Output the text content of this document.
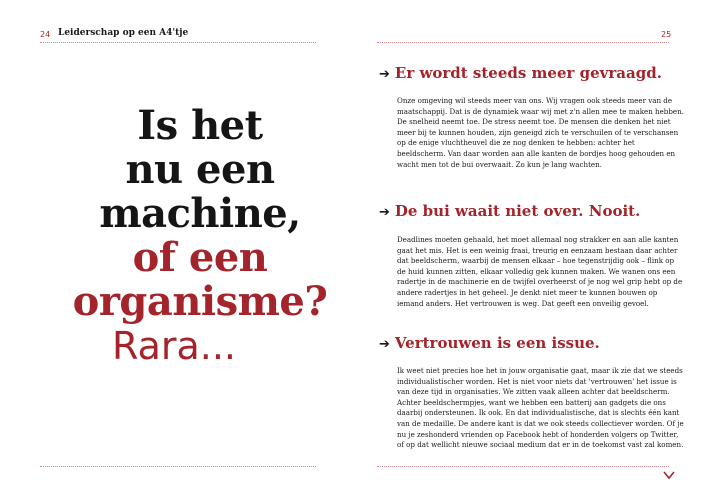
24 Leiderschap op een A4'tje
Is het
nu een
machine,
of een
organisme?
Rara...
25
➔ Er wordt steeds meer gevraagd.

Onze omgeving wil steeds meer van ons. Wij vragen ook steeds meer van de maatschappij. Dat is de dynamiek waar wij met z'n allen mee te maken hebben. De snelheid neemt toe. De stress neemt toe. De mensen die denken het niet meer bij te kunnen houden, zijn geneigd zich te verschuilen of te verschansen op de enige vluchtheuvel die ze nog denken te hebben: achter het beeldscherm. Van daar worden aan alle kanten de bordjes hoog gehouden en wacht men tot de bui overwaait. Zo kun je lang wachten.

➔ De bui waait niet over. Nooit.

Deadlines moeten gehaald, het moet allemaal nog strakker en aan alle kanten gaat het mis. Het is een weinig fraai, treurig en eenzaam bestaan daar achter dat beeldscherm, waarbij de mensen elkaar – hoe tegenstrijdig ook – flink op de huid kunnen zitten, elkaar volledig gek kunnen maken. We wanen ons een radertje in de machinerie en de twijfel overheerst of je nog wel grip hebt op de andere radertjes in het geheel. Je denkt niet meer te kunnen bouwen op iemand anders. Het vertrouwen is weg. Dat geeft een onveilig gevoel.

➔ Vertrouwen is een issue.

Ik weet niet precies hoe het in jouw organisatie gaat, maar ik zie dat we steeds individualistischer worden. Het is niet voor niets dat 'vertrouwen' het issue is van deze tijd in organisaties. We zitten vaak alleen achter dat beeldscherm. Achter beeldschermpjes, want we hebben een batterij aan gadgets die ons daarbij ondersteunen. Ik ook. En dat individualistische, dat is slechts één kant van de medaille. De andere kant is dat we ook steeds collectiever worden. Of je nu je zeshonderd vrienden op Facebook hebt of honderden volgers op Twitter, of op dat wellicht nieuwe sociaal medium dat er in de toekomst vast zal komen.
